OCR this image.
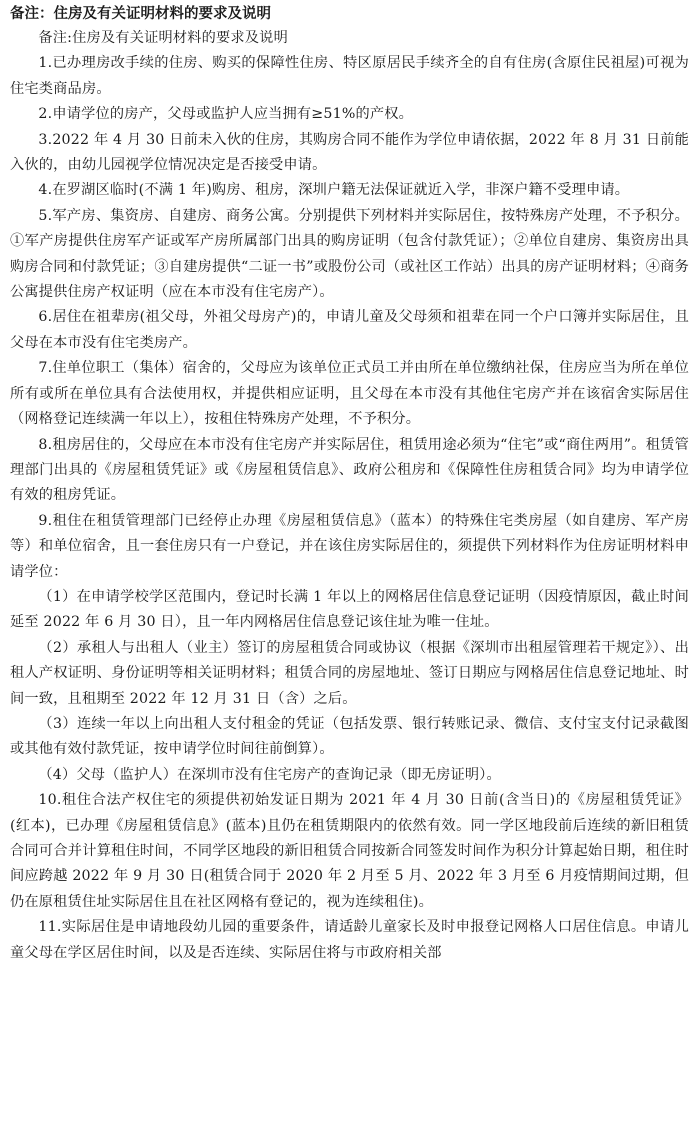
备注：住房及有关证明材料的要求及说明

备注:住房及有关证明材料的要求及说明

1.已办理房改手续的住房、购买的保障性住房、特区原居民手续齐全的自有住房(含原住民祖屋)可视为住宅类商品房。

2.申请学位的房产，父母或监护人应当拥有≥51%的产权。

3.2022 年 4 月 30 日前未入伙的住房，其购房合同不能作为学位申请依据，2022 年 8 月 31 日前能入伙的，由幼儿园视学位情况决定是否接受申请。

4.在罗湖区临时(不满 1 年)购房、租房，深圳户籍无法保证就近入学，非深户籍不受理申请。

5.军产房、集资房、自建房、商务公寓。分别提供下列材料并实际居住，按特殊房产处理，不予积分。①军产房提供住房军产证或军产房所属部门出具的购房证明（包含付款凭证）；②单位自建房、集资房出具购房合同和付款凭证；③自建房提供“二证一书”或股份公司（或社区工作站）出具的房产证明材料；④商务公寓提供住房产权证明（应在本市没有住宅房产）。

6.居住在祖辈房(祖父母，外祖父母房产)的，申请儿童及父母须和祖辈在同一个户口簿并实际居住，且父母在本市没有住宅类房产。

7.住单位职工（集体）宿舍的，父母应为该单位正式员工并由所在单位缴纳社保，住房应当为所在单位所有或所在单位具有合法使用权，并提供相应证明，且父母在本市没有其他住宅房产并在该宿舍实际居住（网格登记连续满一年以上），按租住特殊房产处理，不予积分。

8.租房居住的，父母应在本市没有住宅房产并实际居住，租赁用途必须为“住宅”或“商住两用”。租赁管理部门出具的《房屋租赁凭证》或《房屋租赁信息》、政府公租房和《保障性住房租赁合同》均为申请学位有效的租房凭证。

9.租住在租赁管理部门已经停止办理《房屋租赁信息》（蓝本）的特殊住宅类房屋（如自建房、军产房等）和单位宿舍，且一套住房只有一户登记，并在该住房实际居住的，须提供下列材料作为住房证明材料申请学位：

（1）在申请学校学区范围内，登记时长满 1 年以上的网格居住信息登记证明（因疫情原因，截止时间延至 2022 年 6 月 30 日），且一年内网格居住信息登记该住址为唯一住址。

（2）承租人与出租人（业主）签订的房屋租赁合同或协议（根据《深圳市出租屋管理若干规定》）、出租人产权证明、身份证明等相关证明材料；租赁合同的房屋地址、签订日期应与网格居住信息登记地址、时间一致，且租期至 2022 年 12 月 31 日（含）之后。

（3）连续一年以上向出租人支付租金的凭证（包括发票、银行转账记录、微信、支付宝支付记录截图或其他有效付款凭证，按申请学位时间往前倒算）。

（4）父母（监护人）在深圳市没有住宅房产的查询记录（即无房证明）。

10.租住合法产权住宅的须提供初始发证日期为 2021 年 4 月 30 日前(含当日)的《房屋租赁凭证》(红本)，已办理《房屋租赁信息》(蓝本)且仍在租赁期限内的依然有效。同一学区地段前后连续的新旧租赁合同可合并计算租住时间，不同学区地段的新旧租赁合同按新合同签发时间作为积分计算起始日期，租住时间应跨越 2022 年 9 月 30 日(租赁合同于 2020 年 2 月至 5 月、2022 年 3 月至 6 月疫情期间过期，但仍在原租赁住址实际居住且在社区网格有登记的，视为连续租住)。

11.实际居住是申请地段幼儿园的重要条件，请适龄儿童家长及时申报登记网格人口居住信息。申请儿童父母在学区居住时间，以及是否连续、实际居住将与市政府相关部
